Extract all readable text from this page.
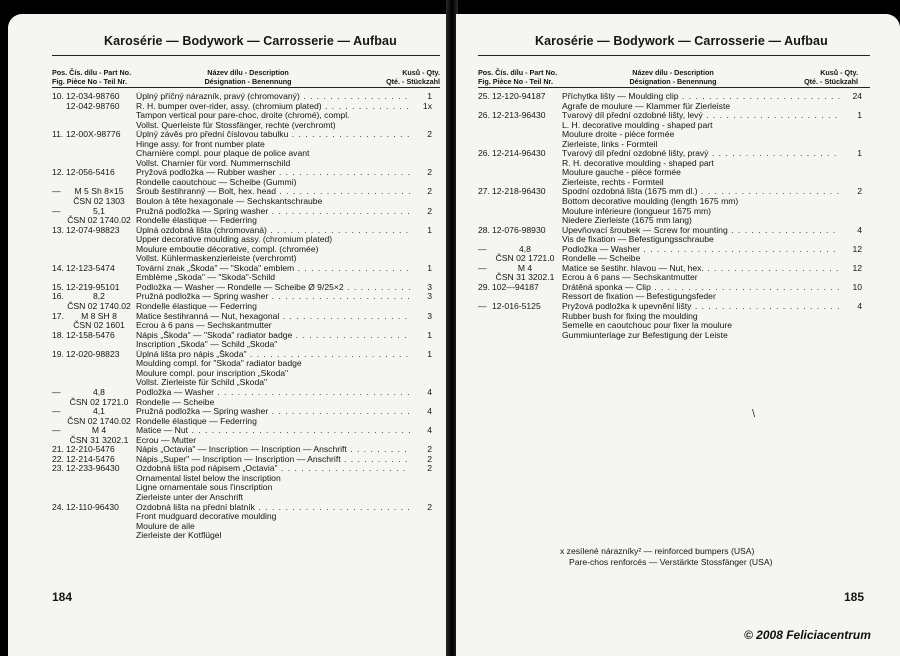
Karosérie — Bodywork — Carrosserie — Aufbau
Pos. Čís. dílu - Part No.
Fig. Pièce No - Teil Nr.
Název dílu - Description
Désignation - Benennung
Kusů - Qty.
Qté. - Stückzahl
10. 12-034-98760	Úplný příčný nárazník, pravý (chromovaný) . . .	1
12-042-98760	R. H. bumper over-rider, assy. (chromium plated) . . .	1x
Tampon vertical pour pare-choc, droite (chromé), compl.
Vollst. Querleiste für Stossfänger, rechte (verchromt)
11. 12-00X-98776	Úplný závěs pro přední číslovou tabulku . . .	2
Hinge assy. for front number plate
Charnière compl. pour plaque de police avant
Vollst. Charnier für vord. Nummernschild
12. 12-056-5416	Pryžová podložka — Rubber washer . . .	2
Rondelle caoutchouc — Scheibe (Gummi)
—	M 5 Sh 8×15	Šroub šestihranný — Bolt, hex. head . . .	2
ČSN 02 1303	Boulon à tête hexagonale — Sechskantschraube
—	5,1	Pružná podložka — Spring washer . . .	2
ČSN 02 1740.02 Rondelle élastique — Federring
13. 12-074-98823	Úplná ozdobná lišta (chromovaná) . . .	1
Upper decorative moulding assy. (chromium plated)
Moulure emboutie décorative, compl. (chromée)
Vollst. Kühlermaskenzierleiste (verchromt)
14. 12-123-5474	Tovární znak „Škoda" — "Skoda" emblem . . .	1
Emblème „Skoda" — "Skoda"-Schild
15. 12-219-95101	Podložka — Washer — Rondelle — Scheibe Ø 9/25×2 . . .	3
16.	8,2	Pružná podložka — Spring washer . . .	3
ČSN 02 1740.02 Rondelle élastique — Federring
17.	M 8 SH 8	Matice šestihranná — Nut, hexagonal . . .	3
ČSN 02 1601	Ecrou à 6 pans — Sechskantmutter
18. 12-158-5476	Nápis „Škoda" — "Skoda" radiator badge . . .	1
Inscription „Skoda" — Schild „Skoda"
19. 12-020-98823	Úplná lišta pro nápis „Škoda" . . .	1
Moulding compl. for "Skoda" radiator badge
Moulure compl. pour inscription „Skoda"
Vollst. Zierleiste für Schild „Skoda"
—	4,8	Podložka — Washer . . .	4
ČSN 02 1721.0 Rondelle — Scheibe
—	4,1	Pružná podložka — Spring washer . . .	4
ČSN 02 1740.02 Rondelle élastique — Federring
—	M 4	Matice — Nut . . .	4
ČSN 31 3202.1 Ecrou — Mutter
21. 12-210-5476	Nápis „Octavia" — Inscription — Inscription — Anschrift . . .	2
22. 12-214-5476	Nápis „Super" — Inscription — Inscription — Anschrift . . .	2
23. 12-233-96430	Ozdobná lišta pod nápisem „Octavia" . . .	2
Ornamental listel below the inscription
Ligne ornamentale sous l'inscription
Zierleiste unter der Anschrift
24. 12-110-96430	Ozdobná lišta na přední blatník . . .	2
Front mudguard decorative moulding
Moulure de aile
Zierleiste der Kotflügel
184
Karosérie — Bodywork — Carrosserie — Aufbau
Pos. Čís. dílu - Part No.
Fig. Pièce No - Teil Nr.
Název dílu - Description
Désignation - Benennung
Kusů - Qty.
Qté. - Stückzahl
25. 12-120-94187	Příchytka lišty — Moulding clip . . .	24
Agrafe de moulure — Klammer für Zierleiste
26. 12-213-96430	Tvarový díl přední ozdobné lišty, levý . . .	1
L. H. decorative moulding - shaped part
Moulure droite - pièce formée
Zierleiste, links - Formteil
26. 12-214-96430	Tvarový díl přední ozdobné lišty, pravý . . .	1
R. H. decorative moulding - shaped part
Moulure gauche - pièce formée
Zierleiste, rechts - Formteil
27. 12-218-96430	Spodní ozdobná lišta (1675 mm dl.) . . .	2
Bottom decorative moulding (length 1675 mm)
Moulure inférieure (longueur 1675 mm)
Niedere Zierleiste (1675 mm lang)
28. 12-076-98930	Upevňovací šroubek — Screw for mounting . . .	4
Vis de fixation — Befestigungsschraube
—	4,8	Podložka — Washer . . .	12
ČSN 02 1721.0 Rondelle — Scheibe
—	M 4	Matice se šestihr. hlavou — Nut, hex. . . .	12
ČSN 31 3202.1 Ecrou à 6 pans — Sechskantmutter
29. 102—94187	Drátěná sponka — Clip . . .	10
Ressort de fixation — Befestigungsfeder
— 12-016-5125	Pryžová podložka k upevnění lišty . . .	4
Rubber bush for fixing the moulding
Semelle en caoutchouc pour fixer la moulure
Gummiunterlage zur Befestigung der Leiste
\
x zesílené nárazníky² — reinforced bumpers (USA)
Pare-chos renforcés — Verstärkte Stossfänger (USA)
185
© 2008 Feliciacentrum
